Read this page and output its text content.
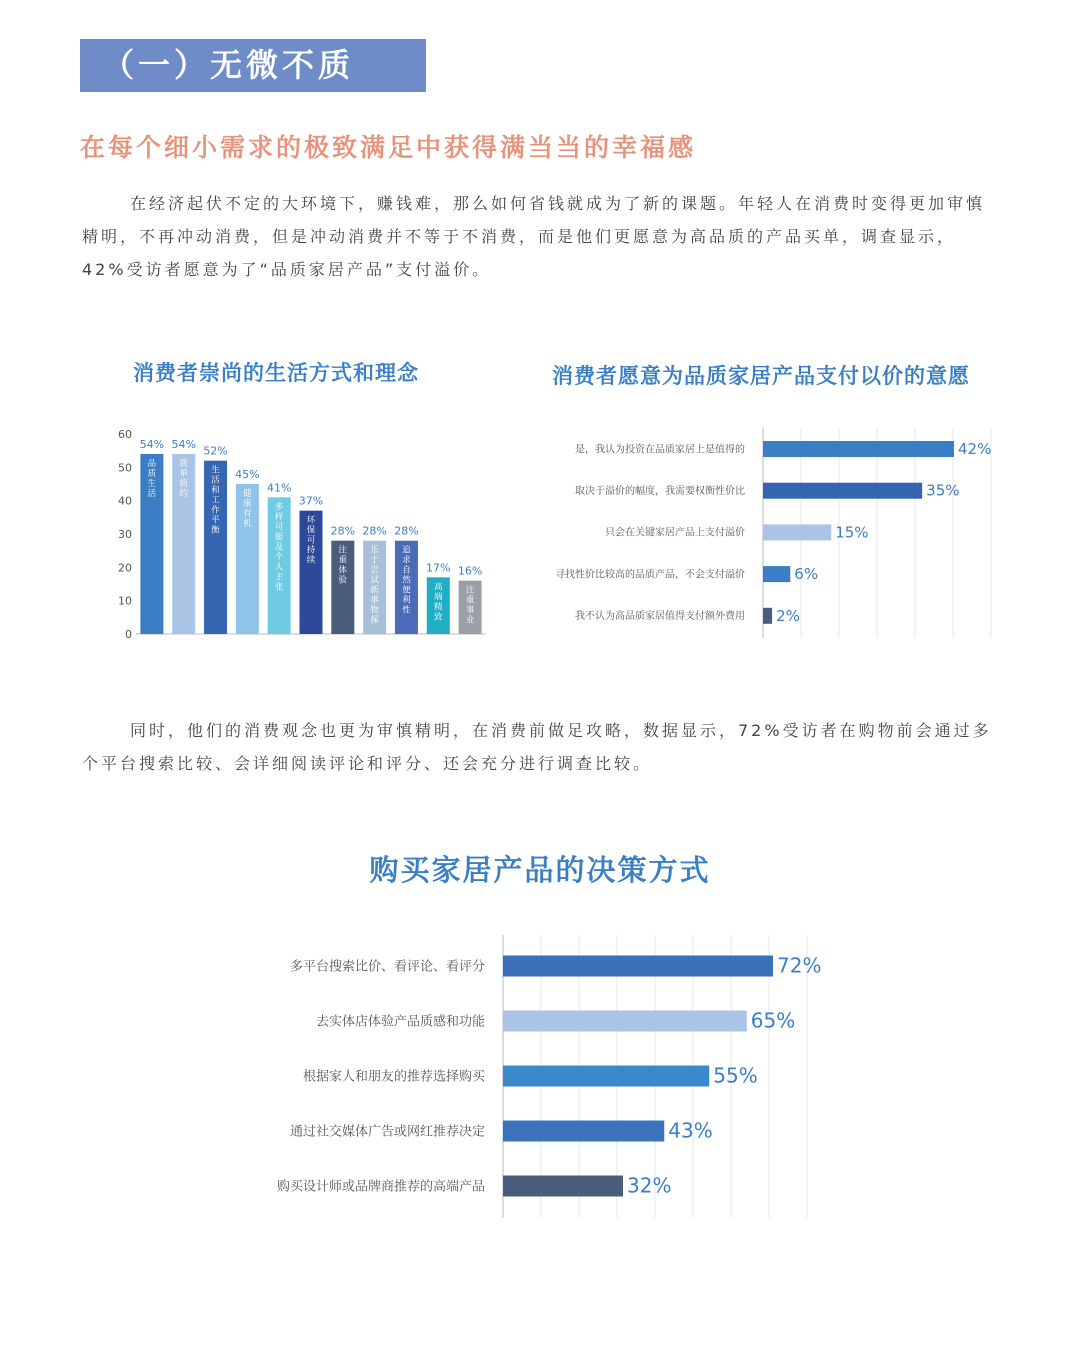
（一）无微不质
在每个细小需求的极致满足中获得满当当的幸福感

在经济起伏不定的大环境下，赚钱难，那么如何省钱就成为了新的课题。年轻人在消费时变得更加审慎精明，不再冲动消费，但是冲动消费并不等于不消费，而是他们更愿意为高品质的产品买单，调查显示，42%受访者愿意为了“品质家居产品”支付溢价。

消费者崇尚的生活方式和理念	消费者愿意为品质家居产品支付以价的意愿
0
10
20
30
40
50
60
54%
品质生活
54%
简单简约
52%
生活和工作平衡
45%
健康有机
41%
多样可能及个人主张
37%
环保可持续
28%
注重体验
28%
乐于尝试新事物探
28%
追求自然便利性
17%
高端精致
16%
注重事业
是，我认为投资在品质家居上是值得的	42%
取决于溢价的幅度，我需要权衡性价比	35%
只会在关键家居产品上支付溢价	15%
寻找性价比较高的品质产品，不会支付溢价	6%
我不认为高品质家居值得支付额外费用 2%

同时，他们的消费观念也更为审慎精明，在消费前做足攻略，数据显示，72%受访者在购物前会通过多个平台搜索比较、会详细阅读评论和评分、还会充分进行调查比较。

购买家居产品的决策方式
多平台搜索比价、看评论、看评分	72%
去实体店体验产品质感和功能	65%
根据家人和朋友的推荐选择购买	55%
通过社交媒体广告或网红推荐决定	43%
购买设计师或品牌商推荐的高端产品	32%
